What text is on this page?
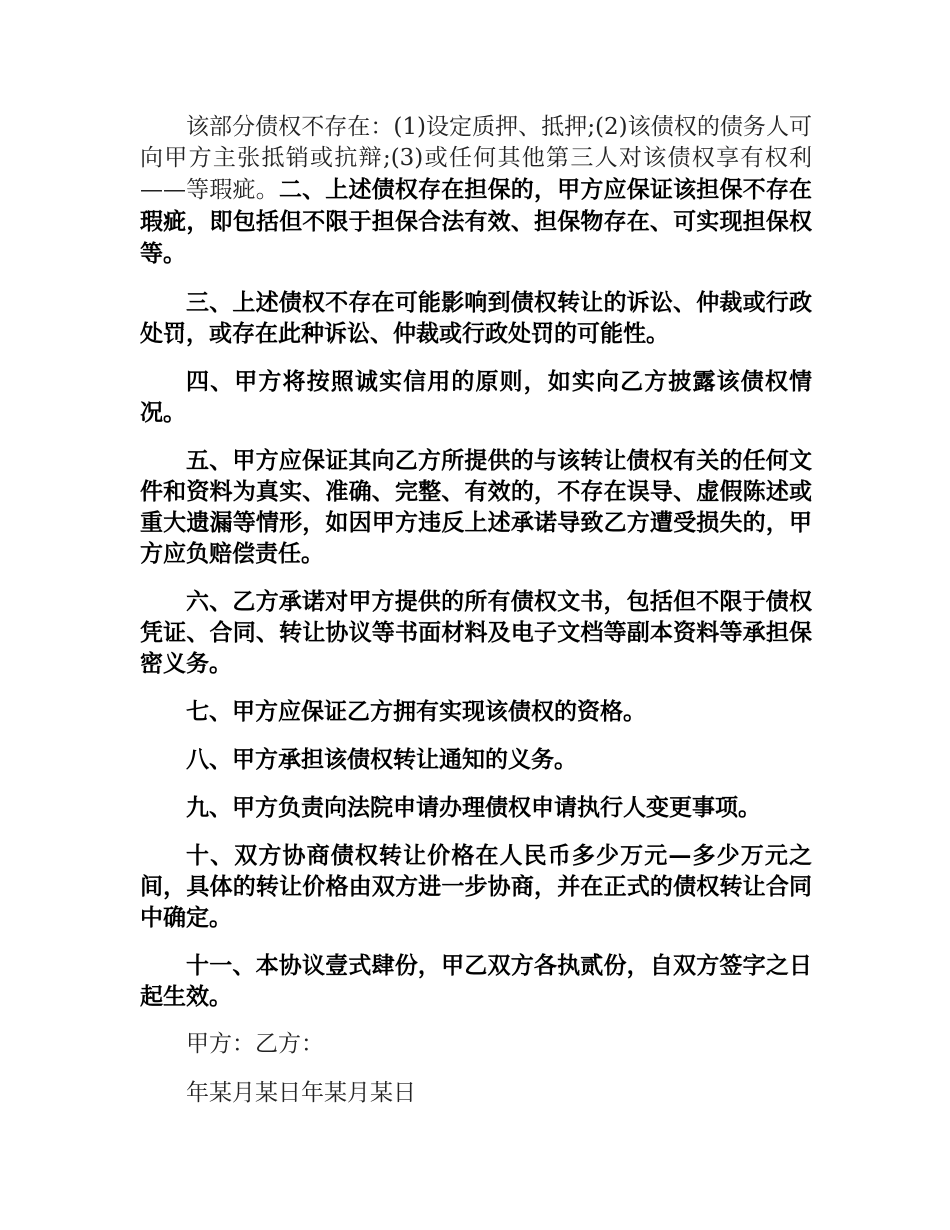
该部分债权不存在：(1)设定质押、抵押;(2)该债权的债务人可向甲方主张抵销或抗辩;(3)或任何其他第三人对该债权享有权利——等瑕疵。二、上述债权存在担保的，甲方应保证该担保不存在瑕疵，即包括但不限于担保合法有效、担保物存在、可实现担保权等。

三、上述债权不存在可能影响到债权转让的诉讼、仲裁或行政处罚，或存在此种诉讼、仲裁或行政处罚的可能性。

四、甲方将按照诚实信用的原则，如实向乙方披露该债权情况。

五、甲方应保证其向乙方所提供的与该转让债权有关的任何文件和资料为真实、准确、完整、有效的，不存在误导、虚假陈述或重大遗漏等情形，如因甲方违反上述承诺导致乙方遭受损失的，甲方应负赔偿责任。

六、乙方承诺对甲方提供的所有债权文书，包括但不限于债权凭证、合同、转让协议等书面材料及电子文档等副本资料等承担保密义务。

七、甲方应保证乙方拥有实现该债权的资格。

八、甲方承担该债权转让通知的义务。

九、甲方负责向法院申请办理债权申请执行人变更事项。

十、双方协商债权转让价格在人民币多少万元—多少万元之间，具体的转让价格由双方进一步协商，并在正式的债权转让合同中确定。

十一、本协议壹式肆份，甲乙双方各执贰份，自双方签字之日起生效。

甲方：乙方：

年某月某日年某月某日
